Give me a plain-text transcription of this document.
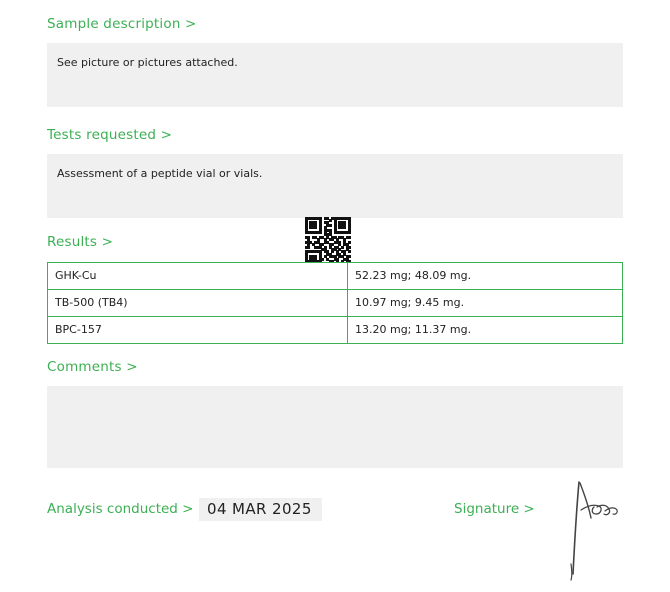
Sample description >
See picture or pictures attached.
Tests requested >
Assessment of a peptide vial or vials.
Results >
GHK-Cu	52.23 mg; 48.09 mg.
TB-500 (TB4)	10.97 mg; 9.45 mg.
BPC-157	13.20 mg; 11.37 mg.
Comments >
Analysis conducted > 04 MAR 2025	Signature >
